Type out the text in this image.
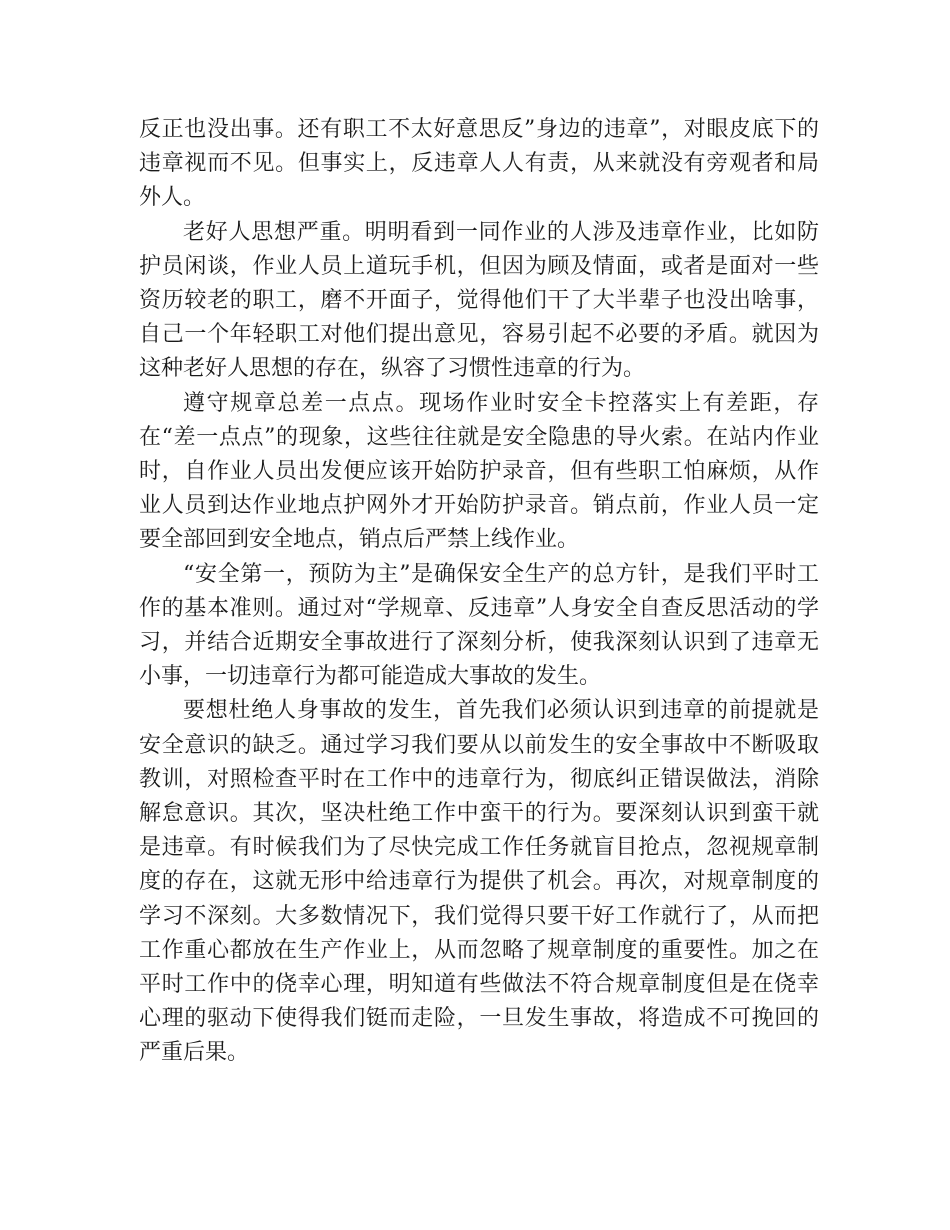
反正也没出事。还有职工不太好意思反”身边的违章”，对眼皮底下的违章视而不见。但事实上，反违章人人有责，从来就没有旁观者和局外人。

老好人思想严重。明明看到一同作业的人涉及违章作业，比如防护员闲谈，作业人员上道玩手机，但因为顾及情面，或者是面对一些资历较老的职工，磨不开面子，觉得他们干了大半辈子也没出啥事，自己一个年轻职工对他们提出意见，容易引起不必要的矛盾。就因为这种老好人思想的存在，纵容了习惯性违章的行为。

遵守规章总差一点点。现场作业时安全卡控落实上有差距，存在“差一点点”的现象，这些往往就是安全隐患的导火索。在站内作业时，自作业人员出发便应该开始防护录音，但有些职工怕麻烦，从作业人员到达作业地点护网外才开始防护录音。销点前，作业人员一定要全部回到安全地点，销点后严禁上线作业。

“安全第一，预防为主”是确保安全生产的总方针，是我们平时工作的基本准则。通过对“学规章、反违章”人身安全自查反思活动的学习，并结合近期安全事故进行了深刻分析，使我深刻认识到了违章无小事，一切违章行为都可能造成大事故的发生。

要想杜绝人身事故的发生，首先我们必须认识到违章的前提就是安全意识的缺乏。通过学习我们要从以前发生的安全事故中不断吸取教训，对照检查平时在工作中的违章行为，彻底纠正错误做法，消除解怠意识。其次，坚决杜绝工作中蛮干的行为。要深刻认识到蛮干就是违章。有时候我们为了尽快完成工作任务就盲目抢点，忽视规章制度的存在，这就无形中给违章行为提供了机会。再次，对规章制度的学习不深刻。大多数情况下，我们觉得只要干好工作就行了，从而把工作重心都放在生产作业上，从而忽略了规章制度的重要性。加之在平时工作中的侥幸心理，明知道有些做法不符合规章制度但是在侥幸心理的驱动下使得我们铤而走险，一旦发生事故，将造成不可挽回的严重后果。
